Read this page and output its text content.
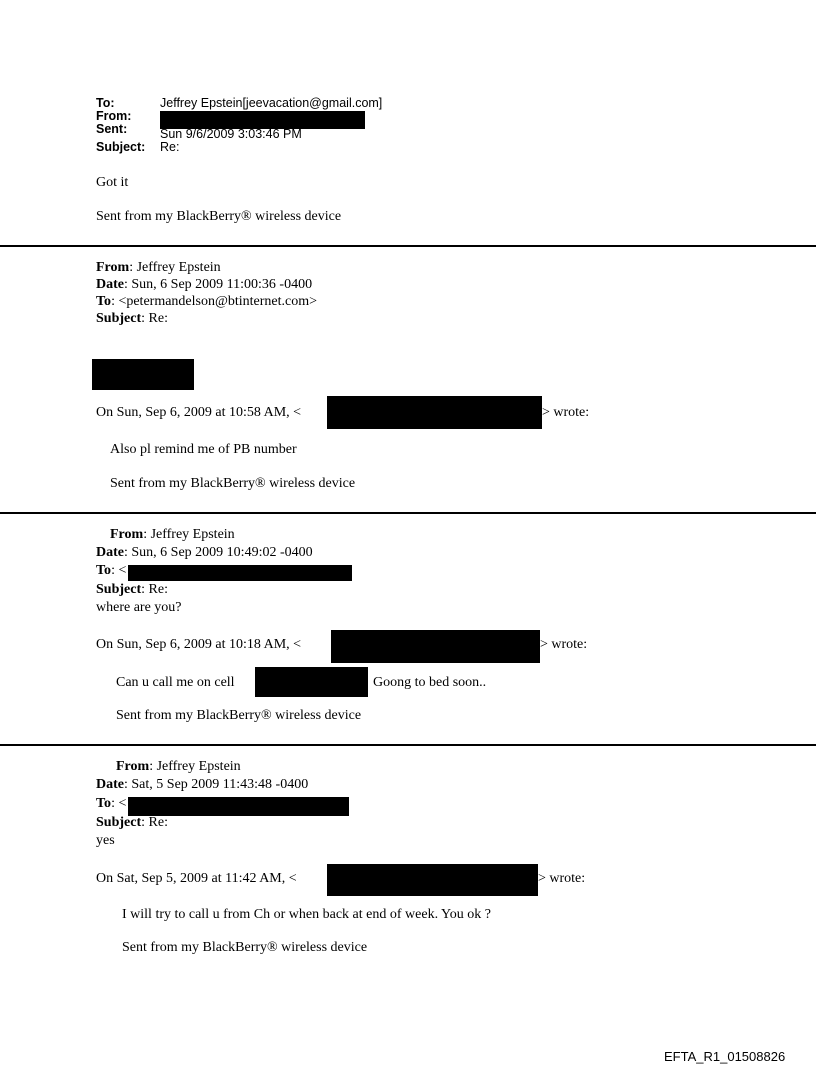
To:	Jeffrey Epstein[jeevacation@gmail.com]
From:
Sent:	Sun 9/6/2009 3:03:46 PM
Subject: Re:
Got it
Sent from my BlackBerry® wireless device
From: Jeffrey Epstein
Date: Sun, 6 Sep 2009 11:00:36 -0400
To: <petermandelson@btinternet.com>
Subject: Re:
On Sun, Sep 6, 2009 at 10:58 AM, <	> wrote:
Also pl remind me of PB number
Sent from my BlackBerry® wireless device
From: Jeffrey Epstein
Date: Sun, 6 Sep 2009 10:49:02 -0400
To: <
Subject: Re:
where are you?
On Sun, Sep 6, 2009 at 10:18 AM, <	> wrote:
Can u call me on cell	Goong to bed soon..
Sent from my BlackBerry® wireless device
From: Jeffrey Epstein
Date: Sat, 5 Sep 2009 11:43:48 -0400
To: <
Subject: Re:
yes
On Sat, Sep 5, 2009 at 11:42 AM, <	> wrote:
I will try to call u from Ch or when back at end of week. You ok ?
Sent from my BlackBerry® wireless device
EFTA_R1_01508826
